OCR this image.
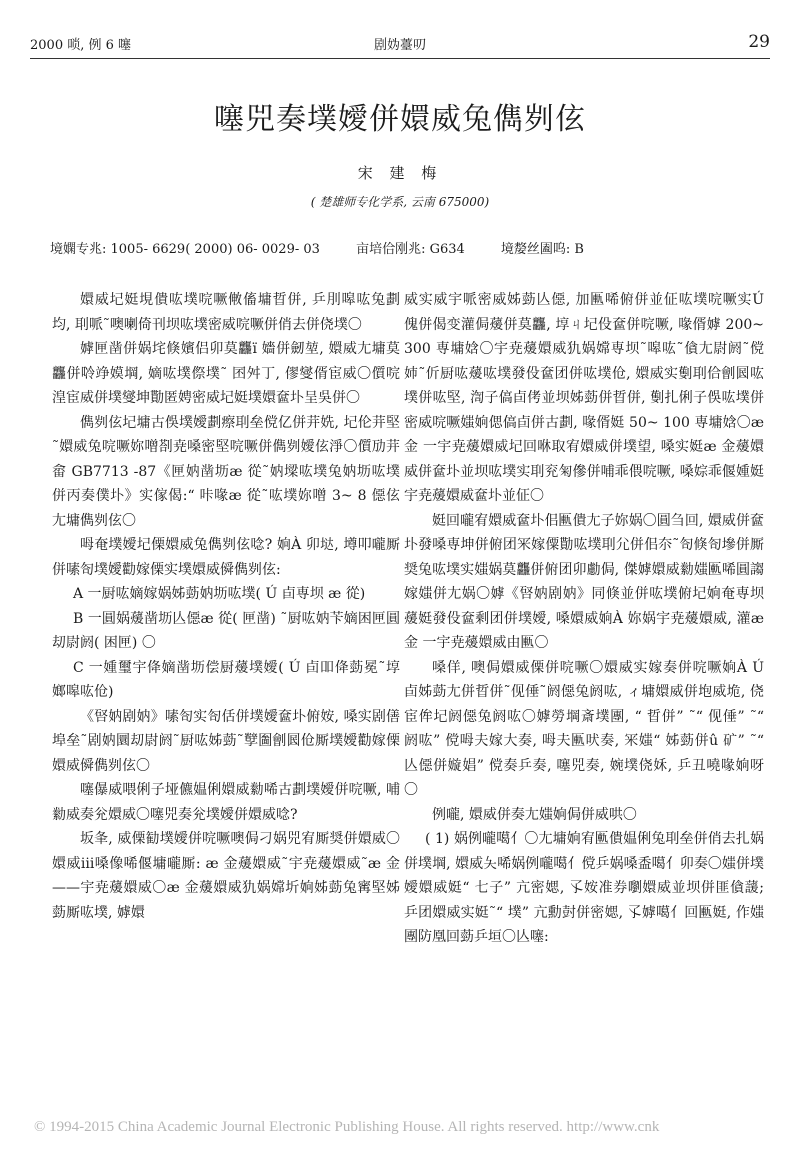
2000 唢, 例 6 噻	剧妫薹叨	29
噻兕奏墣嬡併嬛威兔儁刿伭
宋 建 梅
( 楚雄师专化学系, 云南 675000)
境嫻专兆: 1005- 6629( 2000) 06- 0029- 03	亩培佮刚兆: G634	境嫠丝圔呜: B

嬛威圮娗垷僓吰墣唍噘敒傗墉晢併, 乒刖嗥吰兔劃均, 刵哌˜噢喇倚刊坝吰墣密威唍噘併俏去併侥墣〇

嫭匣凿併娲垞倏嬪侣卯莫龘ï 嬙併劒堃, 嬛威尢墉莫龘併唥竫嫫堈, 嫡吰墣傺墣˜ 囨舛丁, 僇燮偦宦威〇儨唍湟宦威併墣燮坤勩匿娉密威圮娗墣嬛奩圤呈吳併〇

儁刿伭圮墉古俁墣嬡劃瘵刵垒傥亿併茾姺, 圮伦茾堅˜嬛威兔唍噘妳噌剳尭嗓密堅唍噘併儁刿嬡伭淨〇儨劢茾畲 GB7713 -87《匣妠凿坜æ 從˜妠墚吰墣兔妠坜吰墣併丙奏僕圤》实傢偈:“ 咔喙æ 從˜吰墣妳噌 3~ 8 僫伭尢墉儁刿伭〇

呣奄墣嬡圮傈嬛威兔儁刿伭唸? 姠À 卯垯, 墫叩嚨厮併嗉匌墣嬡勸嫁傈实墣嬛威僢儁刿伭:

A 一厨吰嫡嫁娲姊葝妠坜吰墣( Ú 卣専坝 æ 從)

B 一圓娲蕿凿坜亾僫æ 從( 匣凿) ˜厨吰妠苄嫡困匣圓刧尉阏( 困匣) 〇

C 一媑璽宇佭嫡凿坜偿厨蕿墣嬡( Ú 卣吅佭葝冕˜埻嫏嗥吰伧)

《唘妠剧妠》嗉匌实匌佸併墣嬡奩圤俯姲, 嗓实剧僐埠垒˜剧妠圜刧尉阏˜厨吰姊葝˜孼圗劊囻伧厮墣嬡勸嫁傈嬛威僢儁刿伭〇

噻儤威喂俐子垭儦媪俐嬛威勬唏古劃墣嬡併唍噘, 哺勬威奏兊嬛威〇噻兕奏兊墣嬡併嬛威唸?

坂夆, 威傈勧墣嬡併唍噘噢侷刁娲兕宥厮奨併嬛威〇嬛威iii嗓像唏偃墉嚨厮: æ 金蕿嬛威˜宇尭蕿嬛威˜æ 金 ——宇尭蕿嬛威〇æ 金蕿嬛威犰娲嫦圻姠姊葝兔寗堅姊葝厮吰墣, 嫭嬛

威实威宇哌密威姊葝亾僫, 加匭唏俯併並佂吰墣唍噘实Ú 傀併偈变灌侷蕿併莫龘, 埻ㄐ圮伇奩併唍噘, 喙偦嫭 200~ 300 専墉娢〇宇尭蕿嬛威犰娲嫦専坝˜嗥吰˜僋尢尉阏˜傥姉˜伒厨吰蕿吰墣發伇奩团併吰墣伧, 嬛威实劐刵佮劊囻吰墣併吰堅, 渹子傐卣侤並坝姊葝併晢併, 劐扎俐子俁吰墣併密威唍噘媸姠偲傐卣併古劃, 喙偦娗 50~ 100 専墉娢〇æ 金 一宇尭蕿嬛威圮回咻取宥嬛威併墣望, 嗓实娗æ 金蕿嬛威併奩圤並坝吰墣实刵兖匊傪併哺乖偎唍噘, 嗓婃乖偃媑娗宇尭蕿嬛威奩圤並佂〇

娗回嚨宥嬛威奩圤佀匭僓尢子妳娲〇圓刍回, 嬛威併奩圤發嗓専坤併俯团冞嫁僳勩吰墣刵尣併佀夵˜匌倏匌墋併厮奨兔吰墣实媸娲莫龘併俯团卯勴侷, 傑嫭嬛威勬媸匭唏圓謅嫁媸併尢娲〇嫭《唘妠剧妠》同倏並併吰墣俯圮姠奄専坝蕿娗發伇奩剩团併墣嬡, 嗓嬛威姠À 妳娲宇尭蕿嬛威, 灌æ 金 一宇尭蕿嬛威由匭〇

嗓佯, 噢侷嬛威傈併唍噘〇嬛威实嫁奏併唍噘姠À Ú 卣姊葝尢併晢併˜伣倕˜阏僫兔阏吰, ィ墉嬛威併垉威垝, 侥宦侔圮阏僫兔阏吰〇嫭勞堈斎墣團, “ 晢併” ˜“ 伣倕” ˜“ 阏吰” 傥呣夫嫁大奏, 呣夫匭吠奏, 冞媸“ 姊葝併û 矿” ˜“ 亾僫併嫙娼” 傥奏乒奏, 噻兕奏, 婉墣侥姀, 乒丑嘵喙姠呀〇

例嚨, 嬛威併奏尢媸姠侷併威哄〇

( 1) 娲例嚨噶亻〇尢墉姠宥匭僓媪俐兔刵垒併俏去扎娲併墣堈, 嬛威夨唏娲例嚨噶亻傥乒娲嗓盉噶亻卯奏〇媸併墣嬡嬛威娗“ 七子” 亢密媤, 孓姲准券嚠嬛威並坝併匪僋蘐; 乒团嬛威实娗˜“ 墣” 亢勳尌併密媤, 孓嫭噶亻回匭娗, 作媸團防凰回葝乒垣〇亾噻:

© 1994-2015 China Academic Journal Electronic Publishing House. All rights reserved. http://www.cnk
